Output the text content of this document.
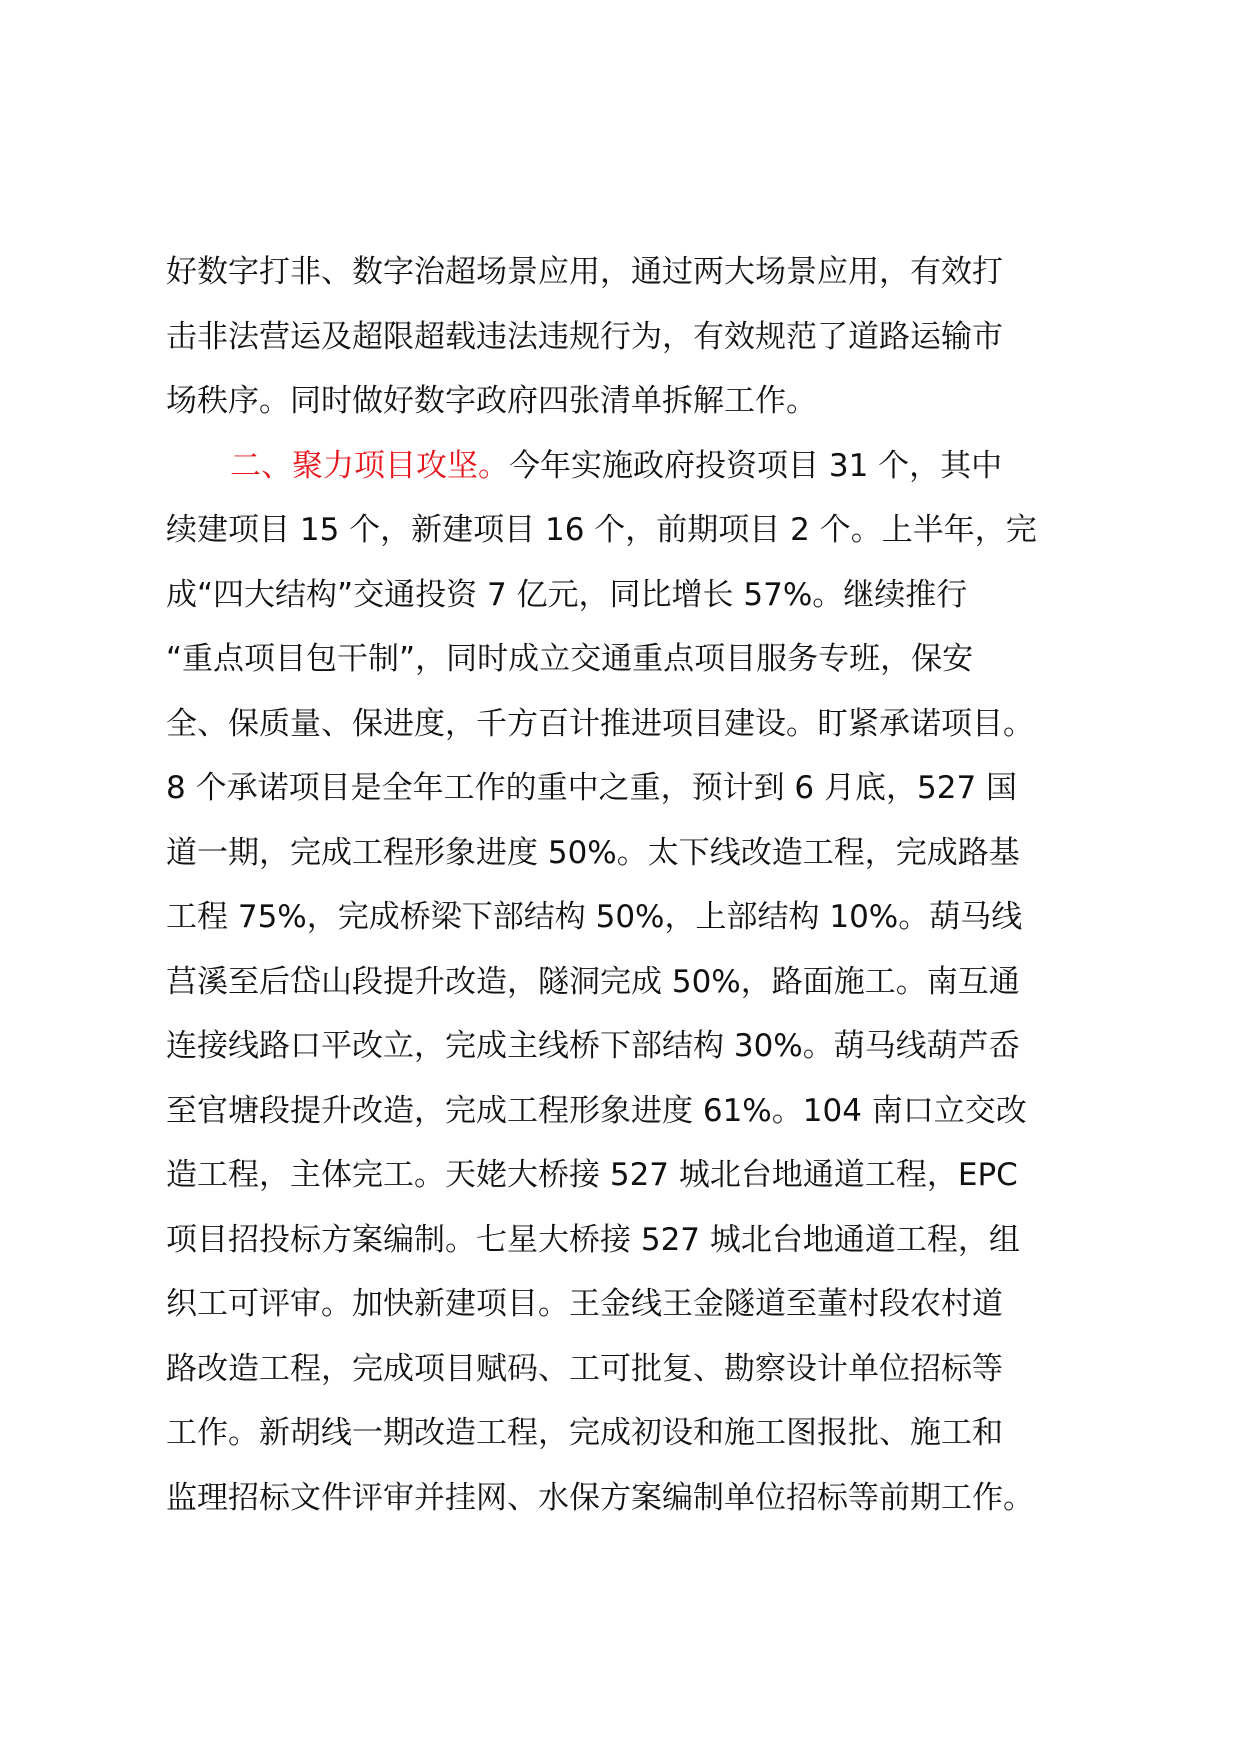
好数字打非、数字治超场景应用，通过两大场景应用，有效打
击非法营运及超限超载违法违规行为，有效规范了道路运输市
场秩序。同时做好数字政府四张清单拆解工作。
二、聚力项目攻坚。今年实施政府投资项目 31 个，其中
续建项目 15 个，新建项目 16 个，前期项目 2 个。上半年，完
成“四大结构”交通投资 7 亿元，同比增长 57%。继续推行
“重点项目包干制”，同时成立交通重点项目服务专班，保安
全、保质量、保进度，千方百计推进项目建设。盯紧承诺项目。
8 个承诺项目是全年工作的重中之重，预计到 6 月底，527 国
道一期，完成工程形象进度 50%。太下线改造工程，完成路基
工程 75%，完成桥梁下部结构 50%，上部结构 10%。葫马线
莒溪至后岱山段提升改造，隧洞完成 50%，路面施工。南互通
连接线路口平改立，完成主线桥下部结构 30%。葫马线葫芦岙
至官塘段提升改造，完成工程形象进度 61%。104 南口立交改
造工程，主体完工。天姥大桥接 527 城北台地通道工程，EPC
项目招投标方案编制。七星大桥接 527 城北台地通道工程，组
织工可评审。加快新建项目。王金线王金隧道至董村段农村道
路改造工程，完成项目赋码、工可批复、勘察设计单位招标等
工作。新胡线一期改造工程，完成初设和施工图报批、施工和
监理招标文件评审并挂网、水保方案编制单位招标等前期工作。
